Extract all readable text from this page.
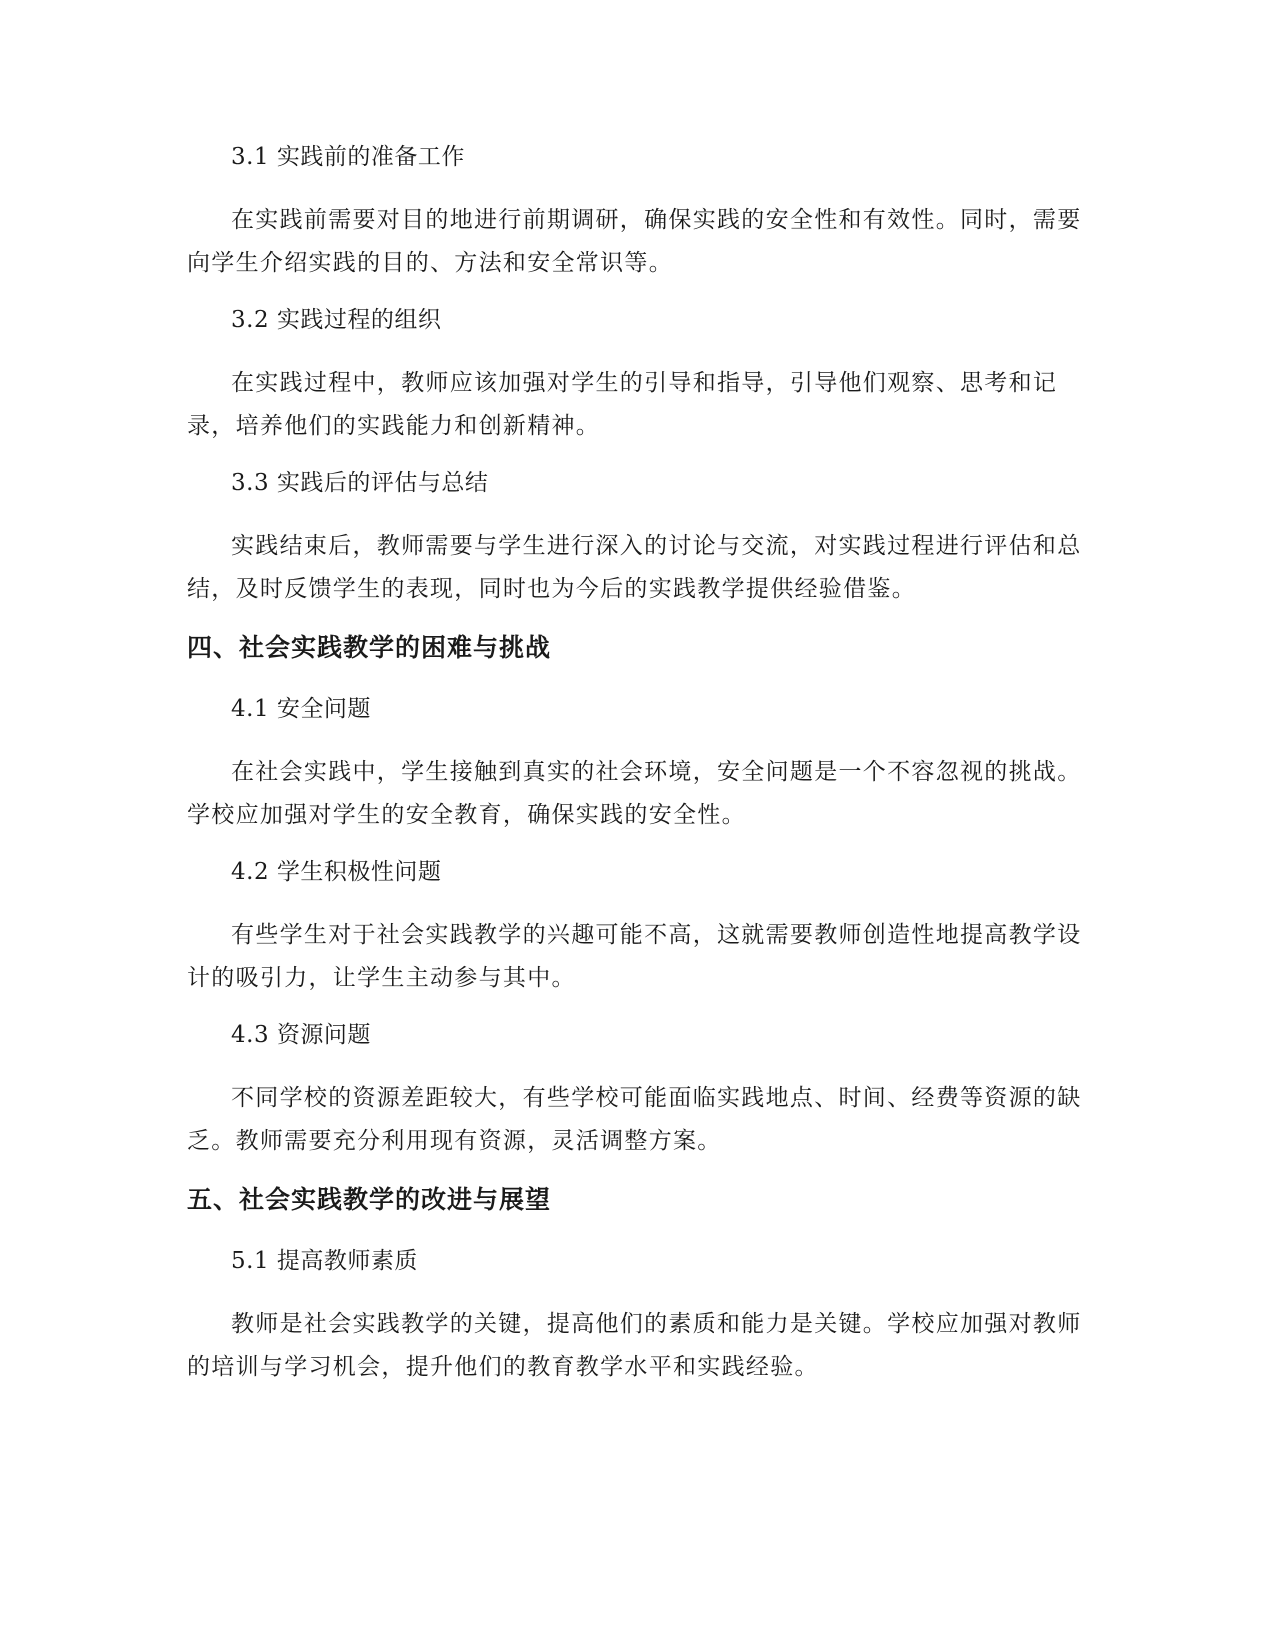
3.1 实践前的准备工作

在实践前需要对目的地进行前期调研，确保实践的安全性和有效性。同时，需要向学生介绍实践的目的、方法和安全常识等。

3.2 实践过程的组织

在实践过程中，教师应该加强对学生的引导和指导，引导他们观察、思考和记录，培养他们的实践能力和创新精神。

3.3 实践后的评估与总结

实践结束后，教师需要与学生进行深入的讨论与交流，对实践过程进行评估和总结，及时反馈学生的表现，同时也为今后的实践教学提供经验借鉴。

四、社会实践教学的困难与挑战

4.1 安全问题

在社会实践中，学生接触到真实的社会环境，安全问题是一个不容忽视的挑战。学校应加强对学生的安全教育，确保实践的安全性。

4.2 学生积极性问题

有些学生对于社会实践教学的兴趣可能不高，这就需要教师创造性地提高教学设计的吸引力，让学生主动参与其中。

4.3 资源问题

不同学校的资源差距较大，有些学校可能面临实践地点、时间、经费等资源的缺乏。教师需要充分利用现有资源，灵活调整方案。

五、社会实践教学的改进与展望

5.1 提高教师素质

教师是社会实践教学的关键，提高他们的素质和能力是关键。学校应加强对教师的培训与学习机会，提升他们的教育教学水平和实践经验。
